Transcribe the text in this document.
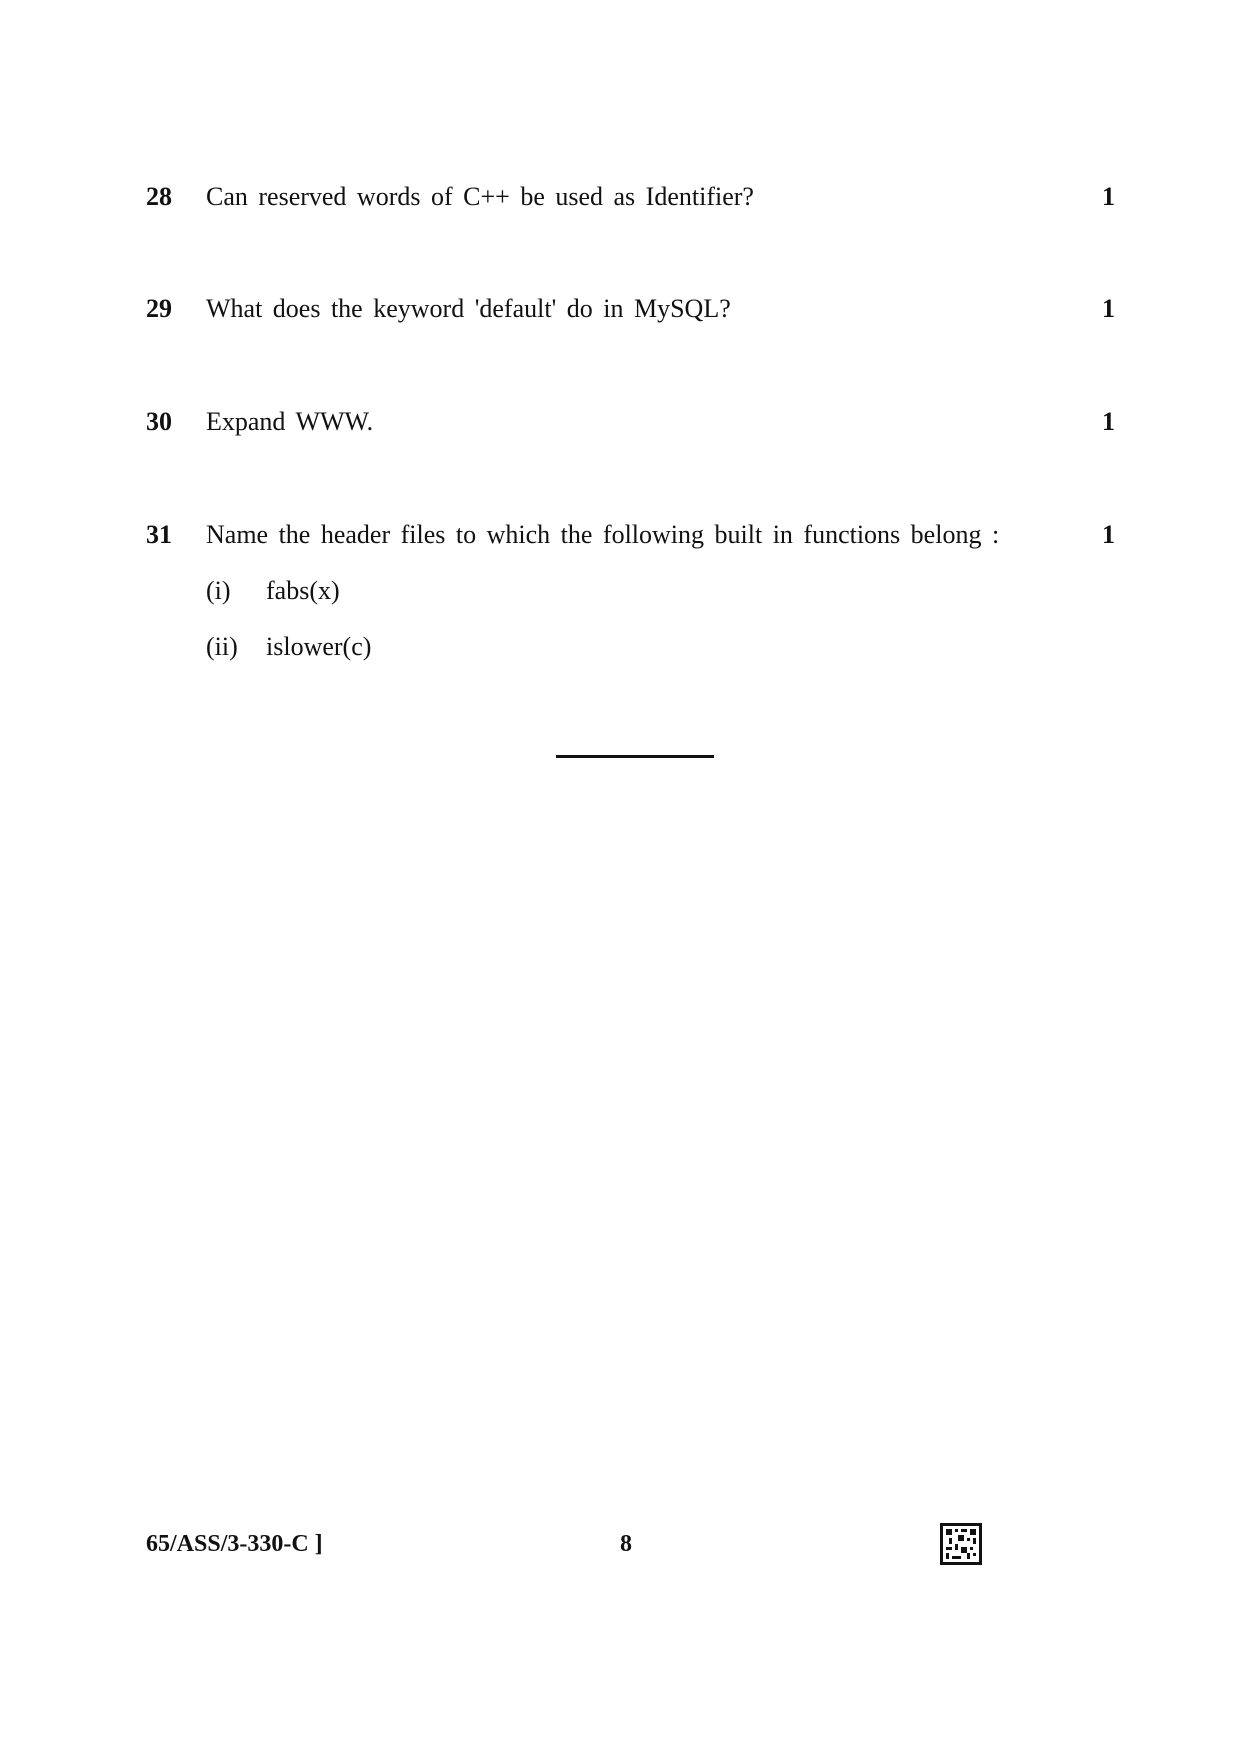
28 Can reserved words of C++ be used as Identifier?	1
29 What does the keyword 'default' do in MySQL?	1
30 Expand WWW.	1
31 Name the header files to which the following built in functions belong :	1
(i) fabs(x)
(ii) islower(c)
65/ASS/3-330-C ]	8
